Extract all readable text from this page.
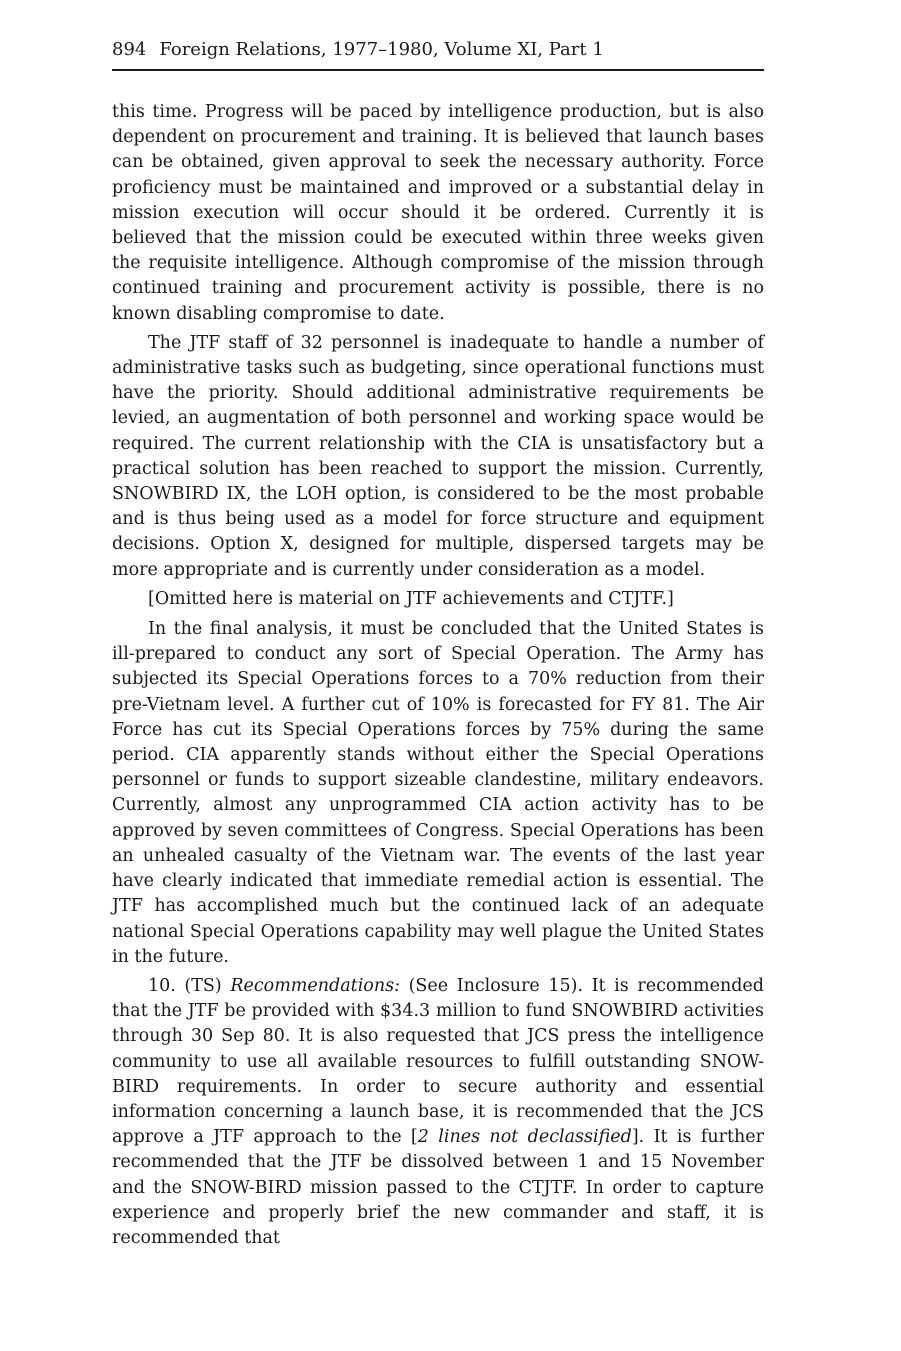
894 Foreign Relations, 1977–1980, Volume XI, Part 1

this time. Progress will be paced by intelligence production, but is also dependent on procurement and training. It is believed that launch bases can be obtained, given approval to seek the necessary authority. Force proficiency must be maintained and improved or a substantial delay in mission execution will occur should it be ordered. Currently it is believed that the mission could be executed within three weeks given the requisite intelligence. Although compromise of the mission through continued training and procurement activity is possible, there is no known disabling compromise to date.

The JTF staff of 32 personnel is inadequate to handle a number of administrative tasks such as budgeting, since operational functions must have the priority. Should additional administrative requirements be levied, an augmentation of both personnel and working space would be required. The current relationship with the CIA is unsatisfactory but a practical solution has been reached to support the mission. Currently, SNOWBIRD IX, the LOH option, is considered to be the most probable and is thus being used as a model for force structure and equipment decisions. Option X, designed for multiple, dispersed targets may be more appropriate and is currently under consideration as a model.

[Omitted here is material on JTF achievements and CTJTF.]

In the final analysis, it must be concluded that the United States is ill-prepared to conduct any sort of Special Operation. The Army has subjected its Special Operations forces to a 70% reduction from their pre-Vietnam level. A further cut of 10% is forecasted for FY 81. The Air Force has cut its Special Operations forces by 75% during the same period. CIA apparently stands without either the Special Operations personnel or funds to support sizeable clandestine, military endeavors. Currently, almost any unprogrammed CIA action activity has to be approved by seven committees of Congress. Special Operations has been an unhealed casualty of the Vietnam war. The events of the last year have clearly indicated that immediate remedial action is essential. The JTF has accomplished much but the continued lack of an adequate national Special Operations capability may well plague the United States in the future.

10. (TS) Recommendations: (See Inclosure 15). It is recommended that the JTF be provided with $34.3 million to fund SNOWBIRD activities through 30 Sep 80. It is also requested that JCS press the intelligence community to use all available resources to fulfill outstanding SNOW-BIRD requirements. In order to secure authority and essential information concerning a launch base, it is recommended that the JCS approve a JTF approach to the [2 lines not declassified]. It is further recommended that the JTF be dissolved between 1 and 15 November and the SNOW-BIRD mission passed to the CTJTF. In order to capture experience and properly brief the new commander and staff, it is recommended that
